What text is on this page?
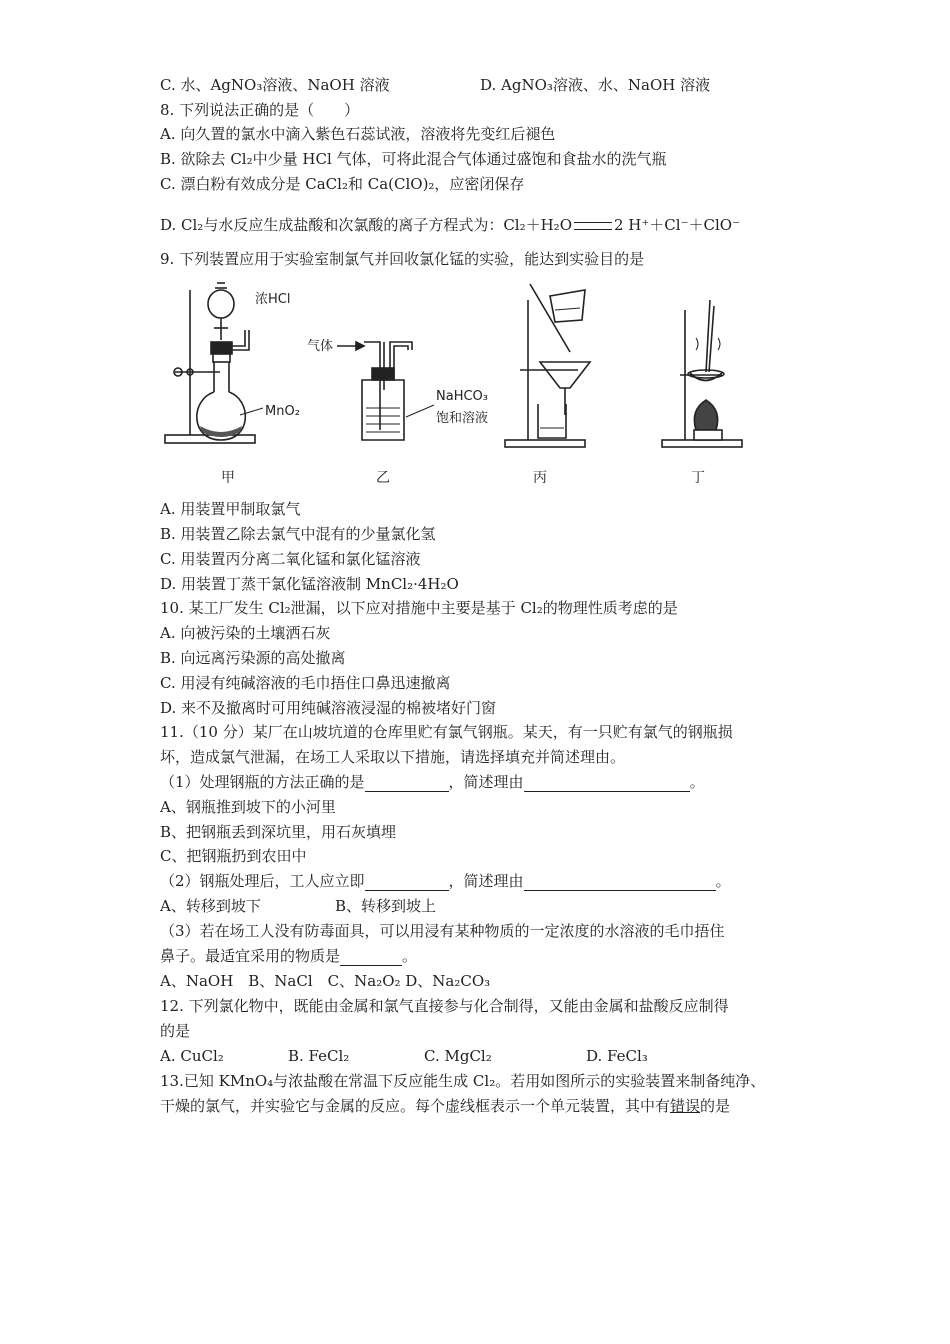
C. 水、AgNO₃溶液、NaOH 溶液	D. AgNO₃溶液、水、NaOH 溶液
8. 下列说法正确的是（　　）
A. 向久置的氯水中滴入紫色石蕊试液，溶液将先变红后褪色
B. 欲除去 Cl₂中少量 HCl 气体，可将此混合气体通过盛饱和食盐水的洗气瓶
C. 漂白粉有效成分是 CaCl₂和 Ca(ClO)₂，应密闭保存
D. Cl₂与水反应生成盐酸和次氯酸的离子方程式为：Cl₂＋H₂O	2 H⁺＋Cl⁻＋ClO⁻
9. 下列装置应用于实验室制氯气并回收氯化锰的实验，能达到实验目的是
浓HCl
MnO₂
气体
NaHCO₃
饱和溶液
甲	乙	丙	丁
A. 用装置甲制取氯气
B. 用装置乙除去氯气中混有的少量氯化氢
C. 用装置丙分离二氧化锰和氯化锰溶液
D. 用装置丁蒸干氯化锰溶液制 MnCl₂·4H₂O
10. 某工厂发生 Cl₂泄漏，以下应对措施中主要是基于 Cl₂的物理性质考虑的是
A. 向被污染的土壤洒石灰
B. 向远离污染源的高处撤离
C. 用浸有纯碱溶液的毛巾捂住口鼻迅速撤离
D. 来不及撤离时可用纯碱溶液浸湿的棉被堵好门窗
11.（10 分）某厂在山坡坑道的仓库里贮有氯气钢瓶。某天，有一只贮有氯气的钢瓶损
坏，造成氯气泄漏，在场工人采取以下措施，请选择填充并简述理由。
（1）处理钢瓶的方法正确的是	，简述理由	。
A、钢瓶推到坡下的小河里
B、把钢瓶丢到深坑里，用石灰填埋
C、把钢瓶扔到农田中
（2）钢瓶处理后，工人应立即	，简述理由	。
A、转移到坡下	B、转移到坡上
（3）若在场工人没有防毒面具，可以用浸有某种物质的一定浓度的水溶液的毛巾捂住
鼻子。最适宜采用的物质是	。
A、NaOH　B、NaCl　C、Na₂O₂ D、Na₂CO₃
12. 下列氯化物中，既能由金属和氯气直接参与化合制得，又能由金属和盐酸反应制得
的是
A. CuCl₂	B. FeCl₂	C. MgCl₂	D. FeCl₃
13.已知 KMnO₄与浓盐酸在常温下反应能生成 Cl₂。若用如图所示的实验装置来制备纯净、
干燥的氯气，并实验它与金属的反应。每个虚线框表示一个单元装置，其中有错误的是
